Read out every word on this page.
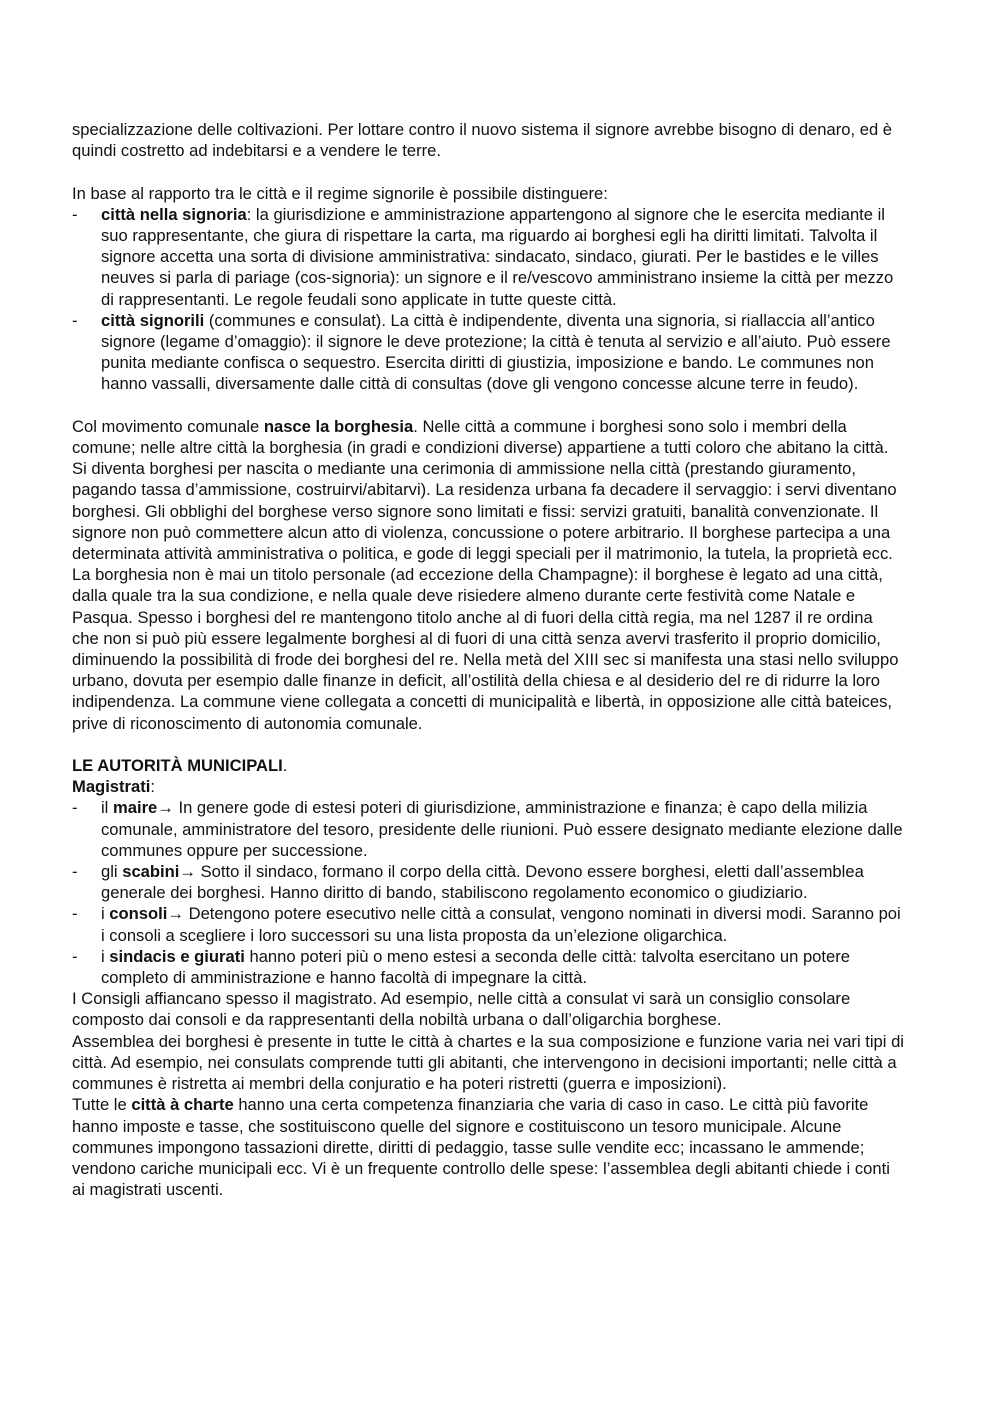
specializzazione delle coltivazioni. Per lottare contro il nuovo sistema il signore avrebbe bisogno di denaro, ed è quindi costretto ad indebitarsi e a vendere le terre.

In base al rapporto tra le città e il regime signorile è possibile distinguere:

- città nella signoria: la giurisdizione e amministrazione appartengono al signore che le esercita mediante il suo rappresentante, che giura di rispettare la carta, ma riguardo ai borghesi egli ha diritti limitati. Talvolta il signore accetta una sorta di divisione amministrativa: sindacato, sindaco, giurati. Per le bastides e le villes neuves si parla di pariage (cos-signoria): un signore e il re/vescovo amministrano insieme la città per mezzo di rappresentanti. Le regole feudali sono applicate in tutte queste città.
- città signorili (communes e consulat). La città è indipendente, diventa una signoria, si riallaccia all’antico signore (legame d’omaggio): il signore le deve protezione; la città è tenuta al servizio e all’aiuto. Può essere punita mediante confisca o sequestro. Esercita diritti di giustizia, imposizione e bando. Le communes non hanno vassalli, diversamente dalle città di consultas (dove gli vengono concesse alcune terre in feudo).

Col movimento comunale nasce la borghesia. Nelle città a commune i borghesi sono solo i membri della comune; nelle altre città la borghesia (in gradi e condizioni diverse) appartiene a tutti coloro che abitano la città. Si diventa borghesi per nascita o mediante una cerimonia di ammissione nella città (prestando giuramento, pagando tassa d’ammissione, costruirvi/abitarvi). La residenza urbana fa decadere il servaggio: i servi diventano borghesi. Gli obblighi del borghese verso signore sono limitati e fissi: servizi gratuiti, banalità convenzionate. Il signore non può commettere alcun atto di violenza, concussione o potere arbitrario. Il borghese partecipa a una determinata attività amministrativa o politica, e gode di leggi speciali per il matrimonio, la tutela, la proprietà ecc. La borghesia non è mai un titolo personale (ad eccezione della Champagne): il borghese è legato ad una città, dalla quale tra la sua condizione, e nella quale deve risiedere almeno durante certe festività come Natale e Pasqua. Spesso i borghesi del re mantengono titolo anche al di fuori della città regia, ma nel 1287 il re ordina che non si può più essere legalmente borghesi al di fuori di una città senza avervi trasferito il proprio domicilio, diminuendo la possibilità di frode dei borghesi del re. Nella metà del XIII sec si manifesta una stasi nello sviluppo urbano, dovuta per esempio dalle finanze in deficit, all’ostilità della chiesa e al desiderio del re di ridurre la loro indipendenza. La commune viene collegata a concetti di municipalità e libertà, in opposizione alle città bateices, prive di riconoscimento di autonomia comunale.

LE AUTORITÀ MUNICIPALI.

Magistrati:

- il maire→ In genere gode di estesi poteri di giurisdizione, amministrazione e finanza; è capo della milizia comunale, amministratore del tesoro, presidente delle riunioni. Può essere designato mediante elezione dalle communes oppure per successione.
- gli scabini→ Sotto il sindaco, formano il corpo della città. Devono essere borghesi, eletti dall’assemblea generale dei borghesi. Hanno diritto di bando, stabiliscono regolamento economico o giudiziario.
- i consoli→ Detengono potere esecutivo nelle città a consulat, vengono nominati in diversi modi. Saranno poi i consoli a scegliere i loro successori su una lista proposta da un’elezione oligarchica.
- i sindacis e giurati hanno poteri più o meno estesi a seconda delle città: talvolta esercitano un potere completo di amministrazione e hanno facoltà di impegnare la città.

I Consigli affiancano spesso il magistrato. Ad esempio, nelle città a consulat vi sarà un consiglio consolare composto dai consoli e da rappresentanti della nobiltà urbana o dall’oligarchia borghese.

Assemblea dei borghesi è presente in tutte le città à chartes e la sua composizione e funzione varia nei vari tipi di città. Ad esempio, nei consulats comprende tutti gli abitanti, che intervengono in decisioni importanti; nelle città a communes è ristretta ai membri della conjuratio e ha poteri ristretti (guerra e imposizioni).

Tutte le città à charte hanno una certa competenza finanziaria che varia di caso in caso. Le città più favorite hanno imposte e tasse, che sostituiscono quelle del signore e costituiscono un tesoro municipale. Alcune communes impongono tassazioni dirette, diritti di pedaggio, tasse sulle vendite ecc; incassano le ammende; vendono cariche municipali ecc. Vi è un frequente controllo delle spese: l’assemblea degli abitanti chiede i conti ai magistrati uscenti.
